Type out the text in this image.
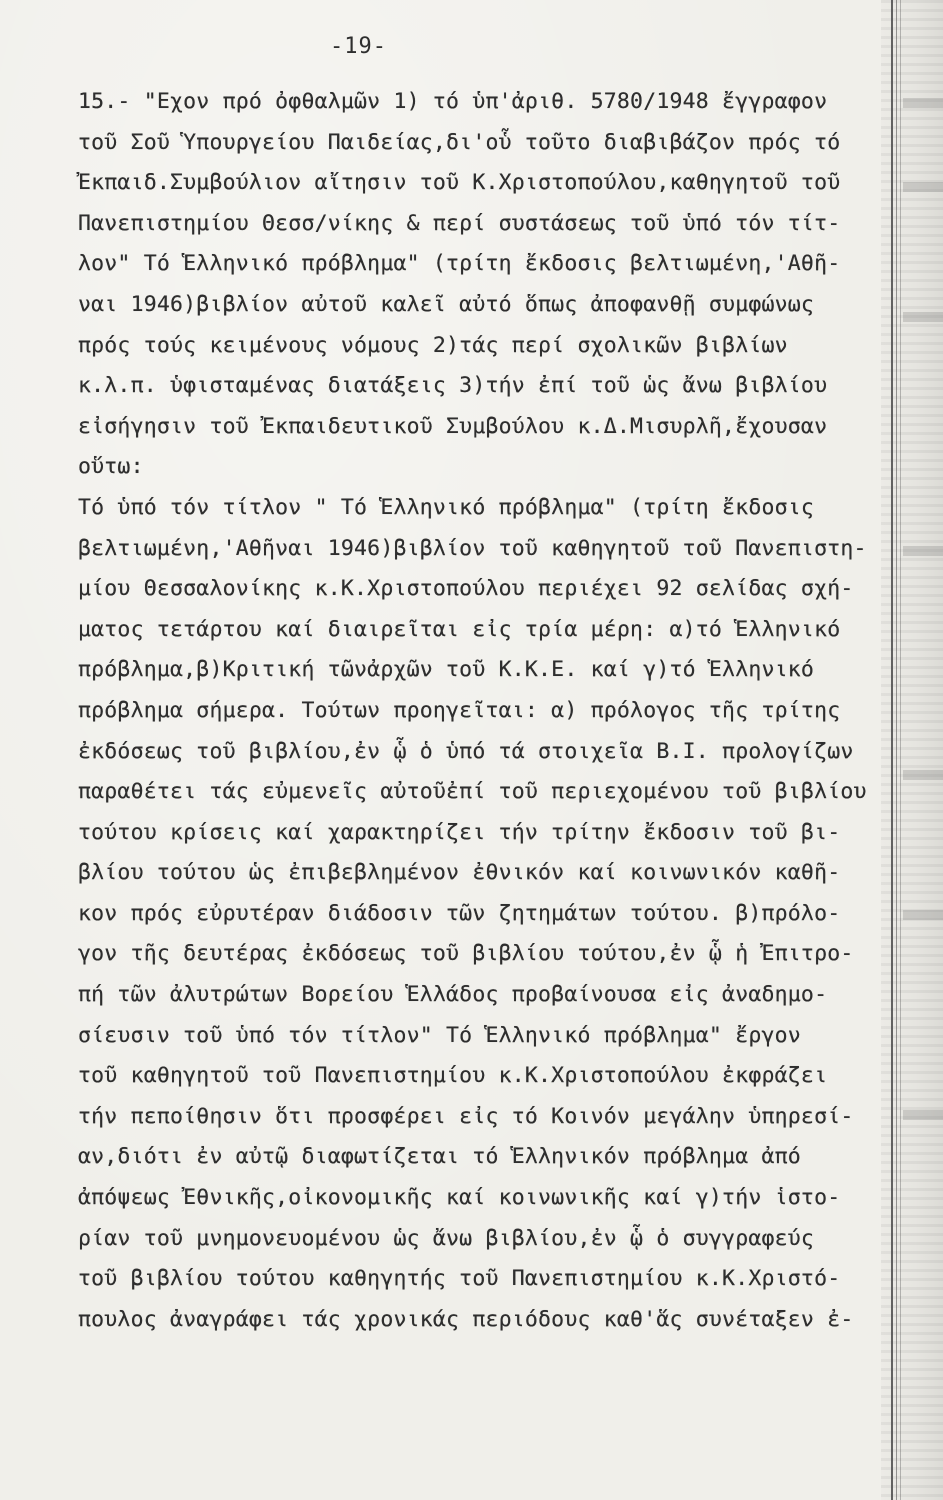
-19-
15.- "Εχον πρό ὀφθαλμῶν 1) τό ὑπ'ἀριθ. 5780/1948 ἔγγραφον
τοῦ Σοῦ Ὑπουργείου Παιδείας,δι'οὗ τοῦτο διαβιβάζον πρός τό
Ἐκπαιδ.Συμβούλιον αἴτησιν τοῦ Κ.Χριστοπούλου,καθηγητοῦ τοῦ
Πανεπιστημίου Θεσσ/νίκης & περί συστάσεως τοῦ ὑπό τόν τίτ-
λον" Τό Ἑλληνικό πρόβλημα" (τρίτη ἔκδοσις βελτιωμένη,'Αθῆ-
ναι 1946)βιβλίον αὐτοῦ καλεῖ αὐτό ὅπως ἀποφανθῇ συμφώνως
πρός τούς κειμένους νόμους 2)τάς περί σχολικῶν βιβλίων
κ.λ.π. ὑφισταμένας διατάξεις 3)τήν ἐπί τοῦ ὡς ἄνω βιβλίου
εἰσήγησιν τοῦ Ἐκπαιδευτικοῦ Συμβούλου κ.Δ.Μισυρλῆ,ἔχουσαν
οὕτω:
Τό ὑπό τόν τίτλον " Τό Ἑλληνικό πρόβλημα" (τρίτη ἔκδοσις
βελτιωμένη,'Αθῆναι 1946)βιβλίον τοῦ καθηγητοῦ τοῦ Πανεπιστη-
μίου Θεσσαλονίκης κ.Κ.Χριστοπούλου περιέχει 92 σελίδας σχή-
ματος τετάρτου καί διαιρεῖται εἰς τρία μέρη: α)τό Ἑλληνικό
πρόβλημα,β)Κριτική τῶνἀρχῶν τοῦ Κ.Κ.Ε. καί γ)τό Ἑλληνικό
πρόβλημα σήμερα. Τούτων προηγεῖται: α) πρόλογος τῆς τρίτης
ἐκδόσεως τοῦ βιβλίου,ἐν ᾧ ὁ ὑπό τά στοιχεῖα Β.Ι. προλογίζων
παραθέτει τάς εὐμενεῖς αὐτοῦἐπί τοῦ περιεχομένου τοῦ βιβλίου
τούτου κρίσεις καί χαρακτηρίζει τήν τρίτην ἔκδοσιν τοῦ βι-
βλίου τούτου ὡς ἐπιβεβλημένον ἐθνικόν καί κοινωνικόν καθῆ-
κον πρός εὐρυτέραν διάδοσιν τῶν ζητημάτων τούτου. β)πρόλο-
γον τῆς δευτέρας ἐκδόσεως τοῦ βιβλίου τούτου,ἐν ᾧ ἡ Ἐπιτρο-
πή τῶν ἀλυτρώτων Βορείου Ἑλλάδος προβαίνουσα εἰς ἀναδημο-
σίευσιν τοῦ ὑπό τόν τίτλον" Τό Ἑλληνικό πρόβλημα" ἔργον
τοῦ καθηγητοῦ τοῦ Πανεπιστημίου κ.Κ.Χριστοπούλου ἐκφράζει
τήν πεποίθησιν ὅτι προσφέρει εἰς τό Κοινόν μεγάλην ὑπηρεσί-
αν,διότι ἐν αὐτῷ διαφωτίζεται τό Ἑλληνικόν πρόβλημα ἀπό
ἀπόψεως Ἐθνικῆς,οἰκονομικῆς καί κοινωνικῆς καί γ)τήν ἱστο-
ρίαν τοῦ μνημονευομένου ὡς ἄνω βιβλίου,ἐν ᾧ ὁ συγγραφεύς
τοῦ βιβλίου τούτου καθηγητής τοῦ Πανεπιστημίου κ.Κ.Χριστό-
πουλος ἀναγράφει τάς χρονικάς περιόδους καθ'ἅς συνέταξεν ἐ-
